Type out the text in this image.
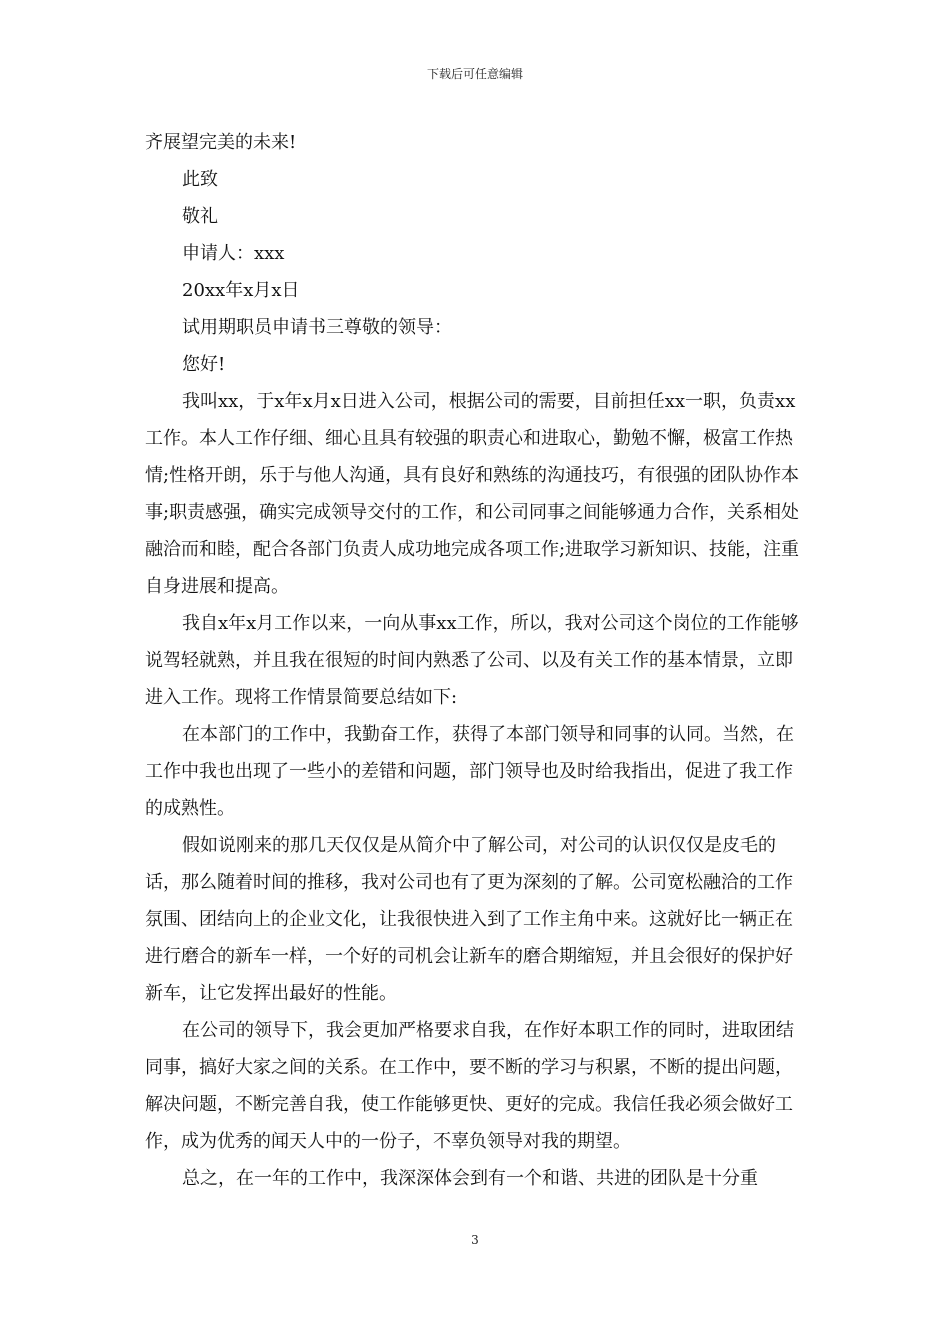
下载后可任意编辑

齐展望完美的未来!

此致

敬礼

申请人：xxx

20xx年x月x日

试用期职员申请书三尊敬的领导：

您好!

我叫xx，于x年x月x日进入公司，根据公司的需要，目前担任xx一职，负责xx工作。本人工作仔细、细心且具有较强的职责心和进取心，勤勉不懈，极富工作热情;性格开朗，乐于与他人沟通，具有良好和熟练的沟通技巧，有很强的团队协作本事;职责感强，确实完成领导交付的工作，和公司同事之间能够通力合作，关系相处融洽而和睦，配合各部门负责人成功地完成各项工作;进取学习新知识、技能，注重自身进展和提高。

我自x年x月工作以来，一向从事xx工作，所以，我对公司这个岗位的工作能够说驾轻就熟，并且我在很短的时间内熟悉了公司、以及有关工作的基本情景，立即进入工作。现将工作情景简要总结如下:

在本部门的工作中，我勤奋工作，获得了本部门领导和同事的认同。当然，在工作中我也出现了一些小的差错和问题，部门领导也及时给我指出，促进了我工作的成熟性。

假如说刚来的那几天仅仅是从简介中了解公司，对公司的认识仅仅是皮毛的话，那么随着时间的推移，我对公司也有了更为深刻的了解。公司宽松融洽的工作氛围、团结向上的企业文化，让我很快进入到了工作主角中来。这就好比一辆正在进行磨合的新车一样，一个好的司机会让新车的磨合期缩短，并且会很好的保护好新车，让它发挥出最好的性能。

在公司的领导下，我会更加严格要求自我，在作好本职工作的同时，进取团结同事，搞好大家之间的关系。在工作中，要不断的学习与积累，不断的提出问题，解决问题，不断完善自我，使工作能够更快、更好的完成。我信任我必须会做好工作，成为优秀的闻天人中的一份子，不辜负领导对我的期望。

总之，在一年的工作中，我深深体会到有一个和谐、共进的团队是十分重

3
